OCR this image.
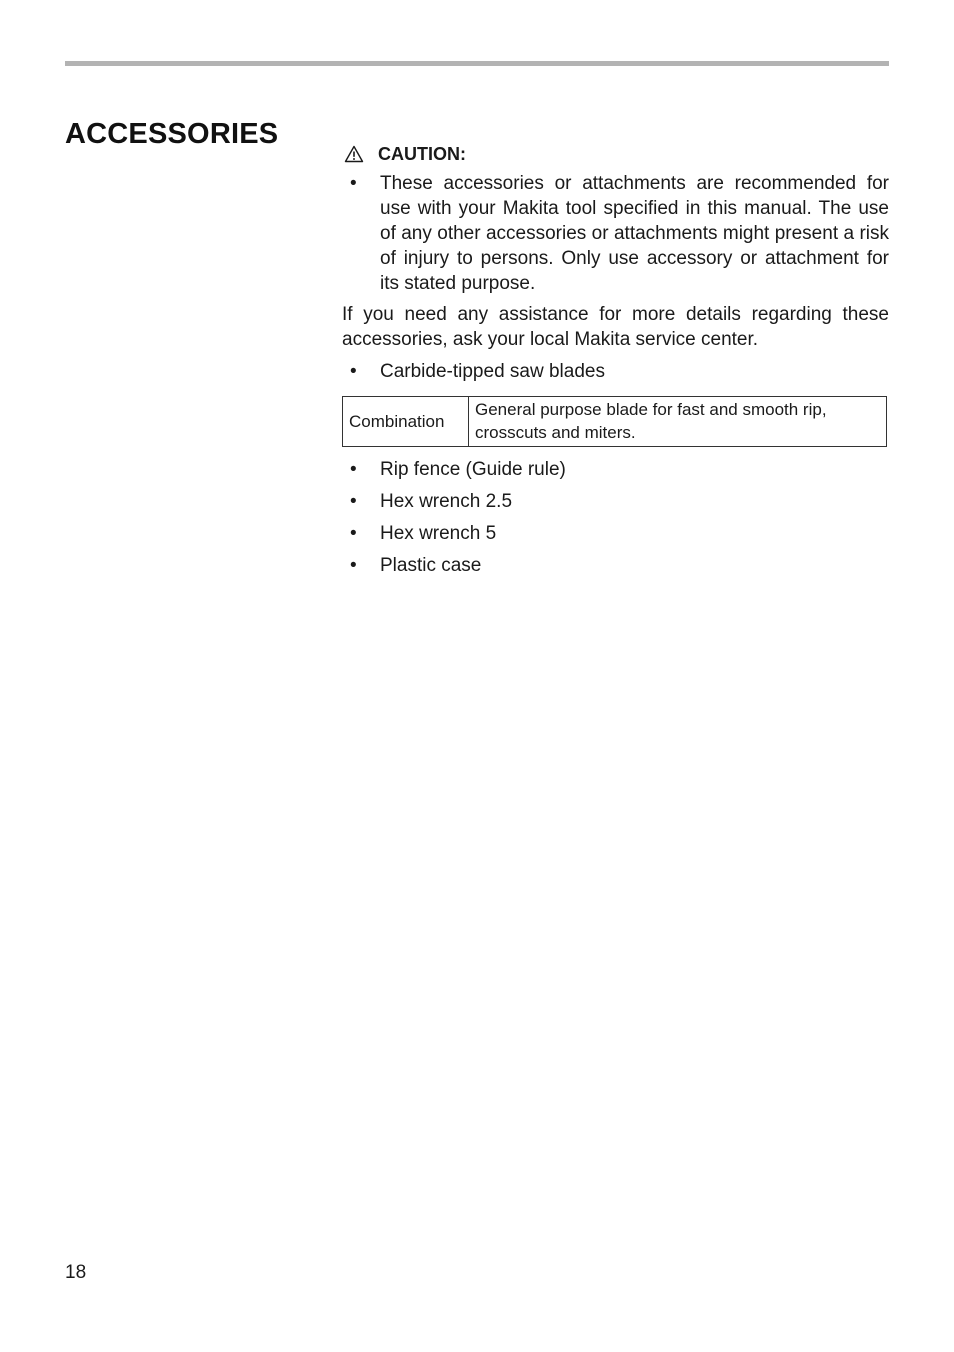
ACCESSORIES
CAUTION:
• These accessories or attachments are recommended for use with your Makita tool specified in this manual. The use of any other accessories or attachments might present a risk of injury to persons. Only use accessory or attachment for its stated purpose.

If you need any assistance for more details regarding these accessories, ask your local Makita service center.

• Carbide-tipped saw blades
Combination	General purpose blade for fast and smooth rip, crosscuts and miters.
• Rip fence (Guide rule)
• Hex wrench 2.5
• Hex wrench 5
• Plastic case
18
